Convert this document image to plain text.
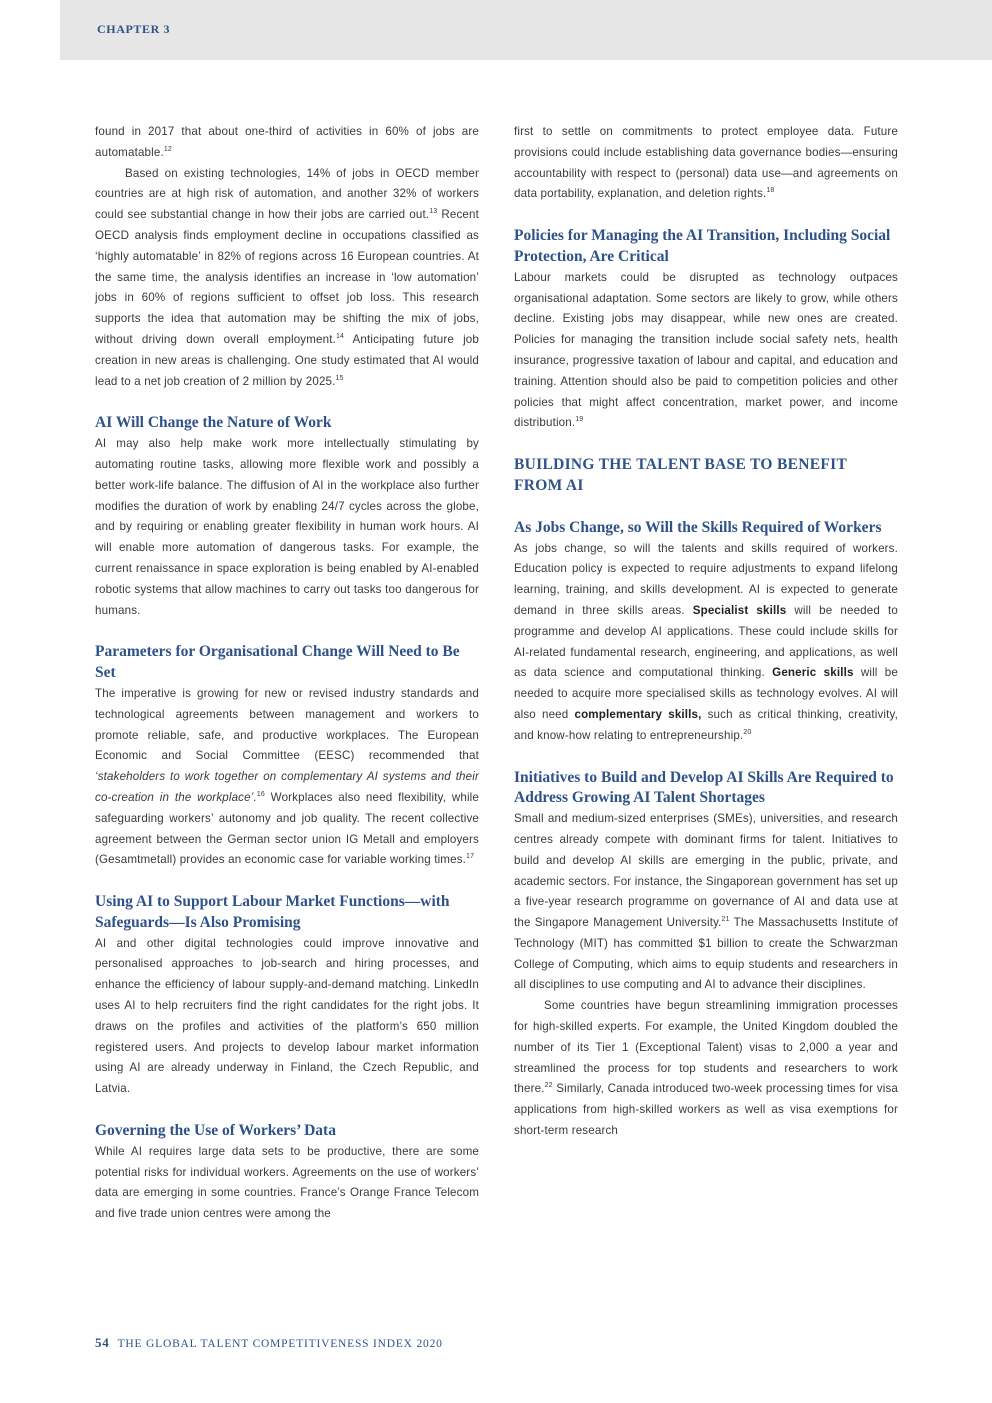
CHAPTER 3

found in 2017 that about one-third of activities in 60% of jobs are automatable.$^{12}$

Based on existing technologies, 14% of jobs in OECD member countries are at high risk of automation, and another 32% of workers could see substantial change in how their jobs are carried out.$^{13}$ Recent OECD analysis finds employment decline in occupations classified as ‘highly automatable’ in 82% of regions across 16 European countries. At the same time, the analysis identifies an increase in ‘low automation’ jobs in 60% of regions sufficient to offset job loss. This research supports the idea that automation may be shifting the mix of jobs, without driving down overall employment.$^{14}$ Anticipating future job creation in new areas is challenging. One study estimated that AI would lead to a net job creation of 2 million by 2025.15

AI Will Change the Nature of Work

AI may also help make work more intellectually stimulating by automating routine tasks, allowing more flexible work and possibly a better work-life balance. The diffusion of AI in the workplace also further modifies the duration of work by enabling 24/7 cycles across the globe, and by requiring or enabling greater flexibility in human work hours. AI will enable more automation of dangerous tasks. For example, the current renaissance in space exploration is being enabled by AI-enabled robotic systems that allow machines to carry out tasks too dangerous for humans.

Parameters for Organisational Change Will Need to Be Set

The imperative is growing for new or revised industry standards and technological agreements between management and workers to promote reliable, safe, and productive workplaces. The European Economic and Social Committee (EESC) recommended that ‘stakeholders to work together on complementary AI systems and their co-creation in the workplace’.$^{16}$ Workplaces also need flexibility, while safeguarding workers’ autonomy and job quality. The recent collective agreement between the German sector union IG Metall and employers (Gesamtmetall) provides an economic case for variable working times.$^{17}$

Using AI to Support Labour Market Functions—with Safeguards—Is Also Promising

AI and other digital technologies could improve innovative and personalised approaches to job-search and hiring processes, and enhance the efficiency of labour supply-and-demand matching. LinkedIn uses AI to help recruiters find the right candidates for the right jobs. It draws on the profiles and activities of the platform’s 650 million registered users. And projects to develop labour market information using AI are already underway in Finland, the Czech Republic, and Latvia.

Governing the Use of Workers’ Data

While AI requires large data sets to be productive, there are some potential risks for individual workers. Agreements on the use of workers’ data are emerging in some countries. France’s Orange France Telecom and five trade union centres were among the

first to settle on commitments to protect employee data. Future provisions could include establishing data governance bodies—ensuring accountability with respect to (personal) data use—and agreements on data portability, explanation, and deletion rights.$^{18}$

Policies for Managing the AI Transition, Including Social Protection, Are Critical

Labour markets could be disrupted as technology outpaces organisational adaptation. Some sectors are likely to grow, while others decline. Existing jobs may disappear, while new ones are created. Policies for managing the transition include social safety nets, health insurance, progressive taxation of labour and capital, and education and training. Attention should also be paid to competition policies and other policies that might affect concentration, market power, and income distribution.$^{19}$

BUILDING THE TALENT BASE TO BENEFIT FROM AI
As Jobs Change, so Will the Skills Required of Workers

As jobs change, so will the talents and skills required of workers. Education policy is expected to require adjustments to expand lifelong learning, training, and skills development. AI is expected to generate demand in three skills areas. Specialist skills will be needed to programme and develop AI applications. These could include skills for AI-related fundamental research, engineering, and applications, as well as data science and computational thinking. Generic skills will be needed to acquire more specialised skills as technology evolves. AI will also need complementary skills, such as critical thinking, creativity, and know-how relating to entrepreneurship.$^{20}$

Initiatives to Build and Develop AI Skills Are Required to Address Growing AI Talent Shortages

Small and medium-sized enterprises (SMEs), universities, and research centres already compete with dominant firms for talent. Initiatives to build and develop AI skills are emerging in the public, private, and academic sectors. For instance, the Singaporean government has set up a five-year research programme on governance of AI and data use at the Singapore Management University.$^{21}$ The Massachusetts Institute of Technology (MIT) has committed $1 billion to create the Schwarzman College of Computing, which aims to equip students and researchers in all disciplines to use computing and AI to advance their disciplines.

Some countries have begun streamlining immigration processes for high-skilled experts. For example, the United Kingdom doubled the number of its Tier 1 (Exceptional Talent) visas to 2,000 a year and streamlined the process for top students and researchers to work there.$^{22}$ Similarly, Canada introduced two-week processing times for visa applications from high-skilled workers as well as visa exemptions for short-term research

54 THE GLOBAL TALENT COMPETITIVENESS INDEX 2020
